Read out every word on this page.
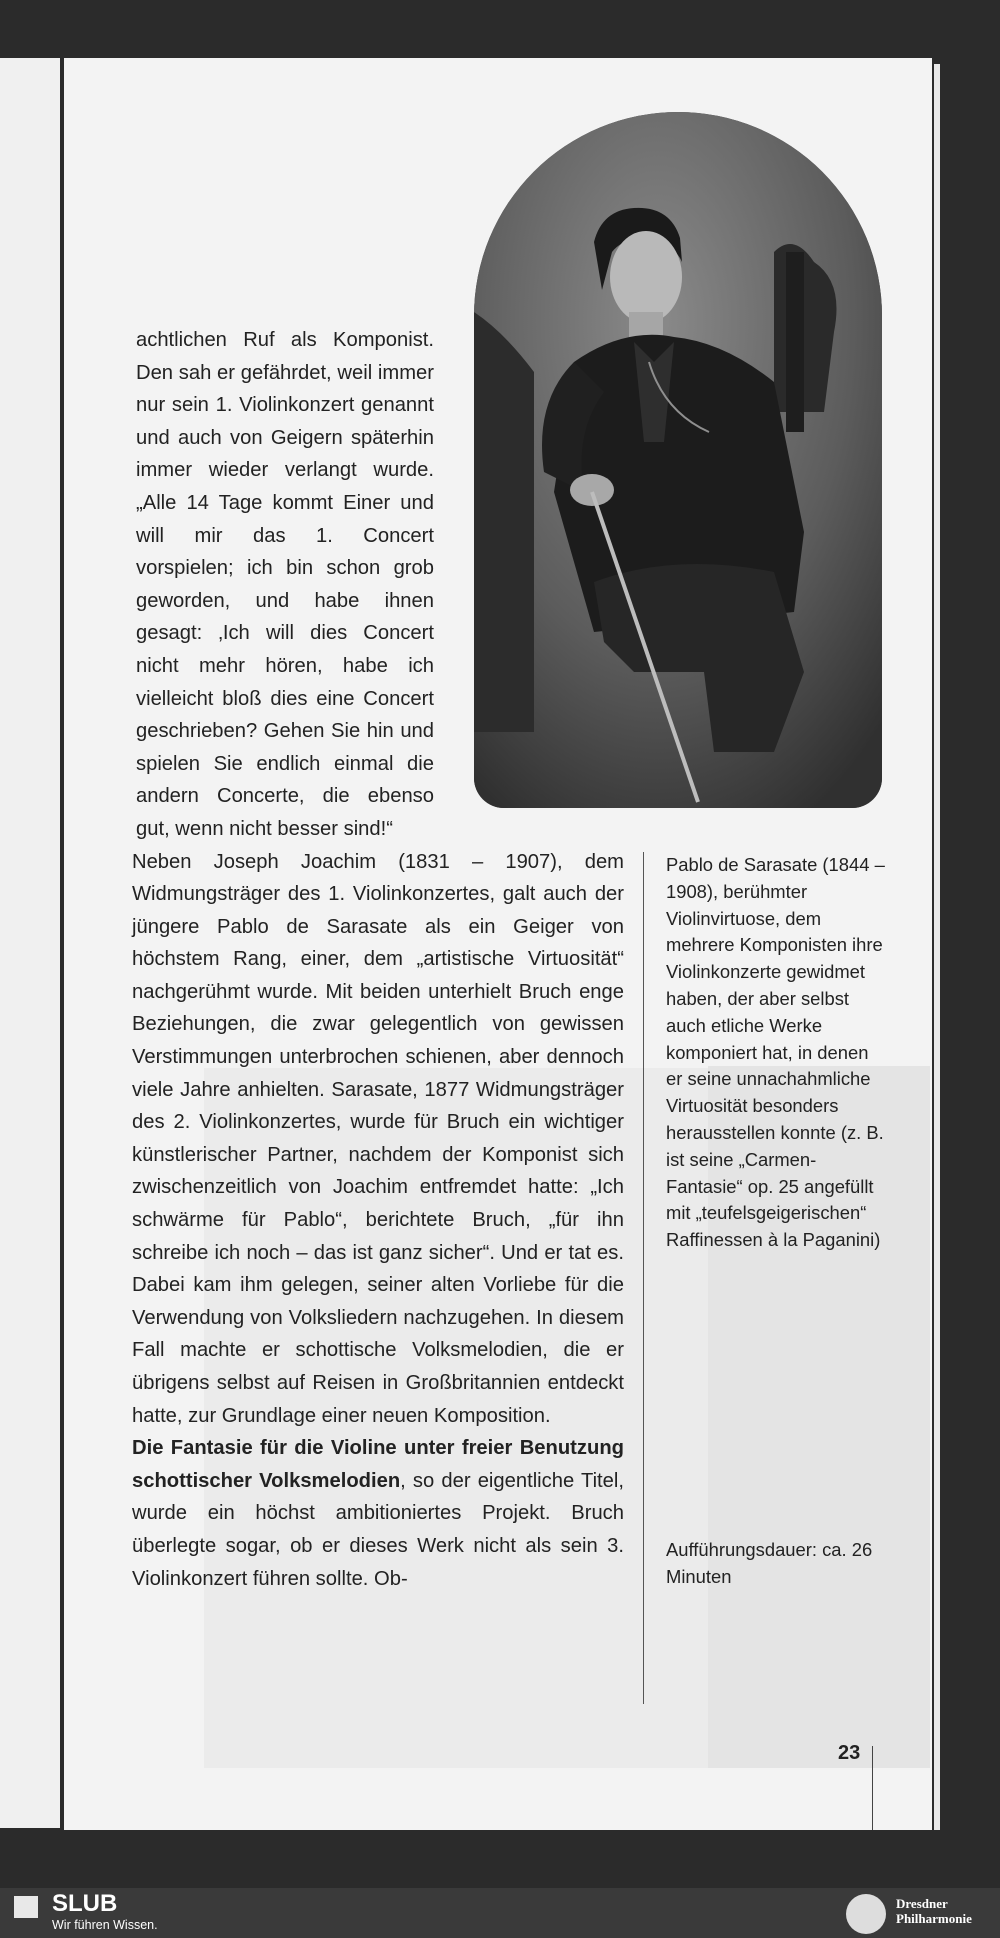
achtlichen Ruf als Komponist. Den sah er gefährdet, weil immer nur sein 1. Violinkonzert genannt und auch von Geigern späterhin immer wieder verlangt wurde. „Alle 14 Tage kommt Einer und will mir das 1. Concert vorspielen; ich bin schon grob geworden, und habe ihnen gesagt: ‚Ich will dies Concert nicht mehr hören, habe ich vielleicht bloß dies eine Concert geschrieben? Gehen Sie hin und spielen Sie endlich einmal die andern Concerte, die ebenso gut, wenn nicht besser sind!“

Neben Joseph Joachim (1831 – 1907), dem Widmungsträger des 1. Violinkonzertes, galt auch der jüngere Pablo de Sarasate als ein Geiger von höchstem Rang, einer, dem „artistische Virtuosität“ nachgerühmt wurde. Mit beiden unterhielt Bruch enge Beziehungen, die zwar gelegentlich von gewissen Verstimmungen unterbrochen schienen, aber dennoch viele Jahre anhielten. Sarasate, 1877 Widmungsträger des 2. Violinkonzertes, wurde für Bruch ein wichtiger künstlerischer Partner, nachdem der Komponist sich zwischenzeitlich von Joachim entfremdet hatte: „Ich schwärme für Pablo“, berichtete Bruch, „für ihn schreibe ich noch – das ist ganz sicher“. Und er tat es. Dabei kam ihm gelegen, seiner alten Vorliebe für die Verwendung von Volksliedern nachzugehen. In diesem Fall machte er schottische Volksmelodien, die er übrigens selbst auf Reisen in Großbritannien entdeckt hatte, zur Grundlage einer neuen Komposition.

Die Fantasie für die Violine unter freier Benutzung schottischer Volksmelodien, so der eigentliche Titel, wurde ein höchst ambitioniertes Projekt. Bruch überlegte sogar, ob er dieses Werk nicht als sein 3. Violinkonzert führen sollte. Ob-

Pablo de Sarasate (1844 – 1908), berühmter Violinvirtuose, dem mehrere Komponisten ihre Violinkonzerte gewidmet haben, der aber selbst auch etliche Werke komponiert hat, in denen er seine unnachahmliche Virtuosität besonders herausstellen konnte (z. B. ist seine „Carmen-Fantasie“ op. 25 angefüllt mit „teufelsgeigerischen“ Raffinessen à la Paganini)
Aufführungsdauer: ca. 26 Minuten
23
SLUB
Wir führen Wissen.
Dresdner Philharmonie
